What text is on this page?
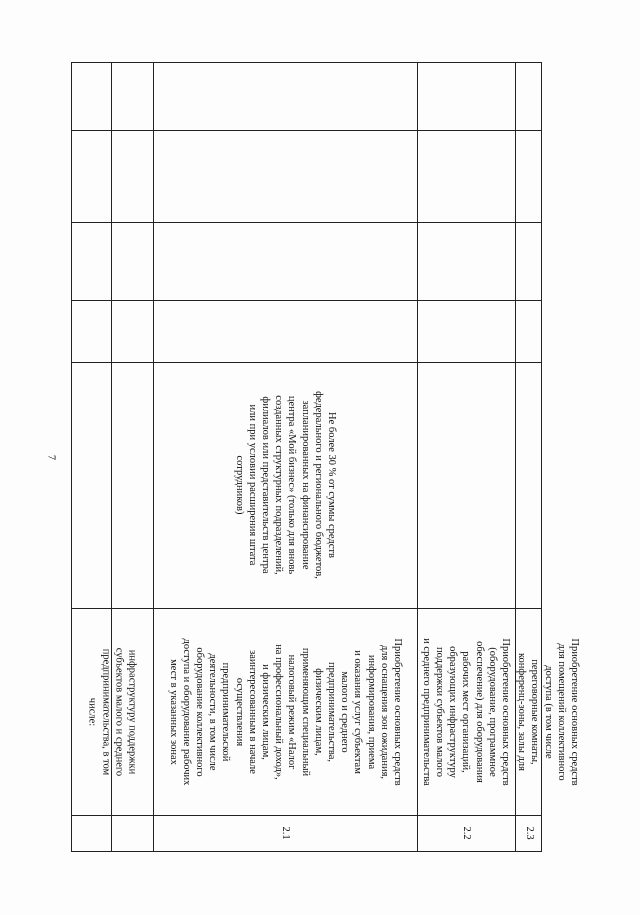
7
инфраструктуру поддержки
субъектов малого и среднего
предпринимательства, в том
числе:
Приобретение основных средств
для оснащения зон ожидания,
информирования, приема
и оказания услуг субъектам
малого и среднего
предпринимательства,
физическим лицам,
применяющим специальный
налоговый режим «Налог
на профессиональный доход»,
и физическим лицам,
заинтересованным в начале
осуществления
предпринимательской
деятельности, в том числе
оборудование коллективного
доступа и оборудование рабочих
мест в указанных зонах
2.1
Не более 30 % от суммы средств
федерального и регионального бюджетов,
запланированных на финансирование
центра «Мой бизнес» (только для вновь
созданных структурных подразделений,
филиалов или представительств центра
или при условии расширения штата
сотрудников)
Приобретение основных средств
(оборудование, программное
обеспечение) для оборудования
рабочих мест организаций,
образующих инфраструктуру
поддержки субъектов малого
и среднего предпринимательства
2.2
Приобретение основных средств
для помещений коллективного
доступа (в том числе
переговорные комнаты,
конференц-зоны, залы для
2.3
